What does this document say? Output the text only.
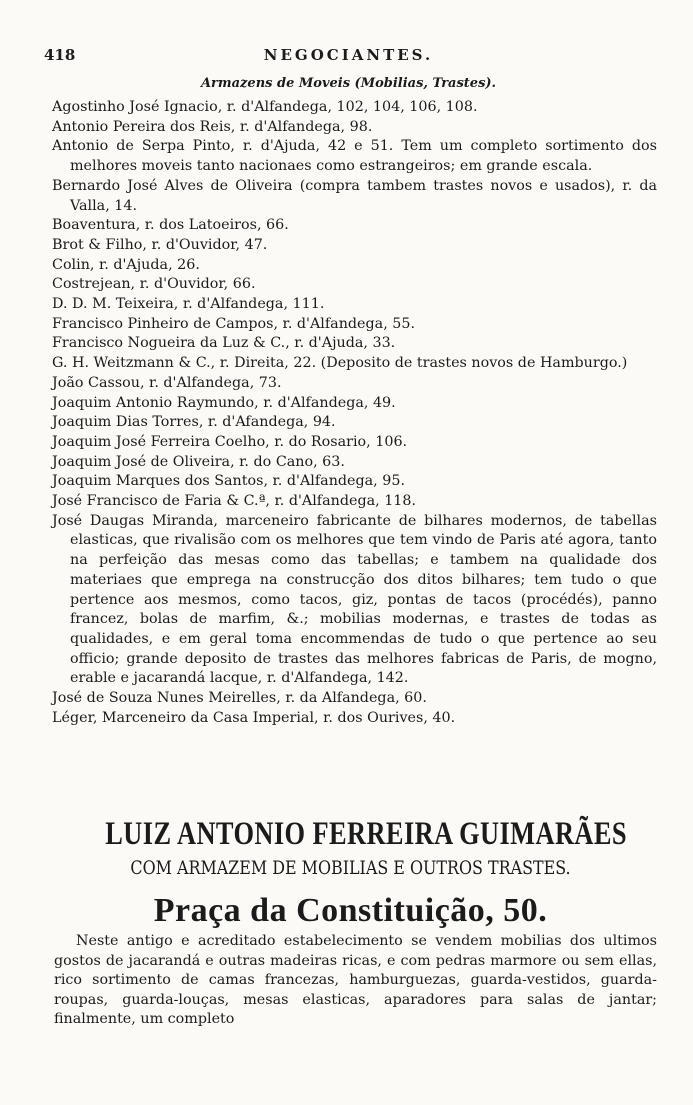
418	NEGOCIANTES.
Armazens de Moveis (Mobilias, Trastes).

Agostinho José Ignacio, r. d'Alfandega, 102, 104, 106, 108.

Antonio Pereira dos Reis, r. d'Alfandega, 98.

Antonio de Serpa Pinto, r. d'Ajuda, 42 e 51. Tem um completo sortimento dos melhores moveis tanto nacionaes como estrangeiros; em grande escala.

Bernardo José Alves de Oliveira (compra tambem trastes novos e usados), r. da Valla, 14.

Boaventura, r. dos Latoeiros, 66.

Brot & Filho, r. d'Ouvidor, 47.

Colin, r. d'Ajuda, 26.

Costrejean, r. d'Ouvidor, 66.

D. D. M. Teixeira, r. d'Alfandega, 111.

Francisco Pinheiro de Campos, r. d'Alfandega, 55.

Francisco Nogueira da Luz & C., r. d'Ajuda, 33.

G. H. Weitzmann & C., r. Direita, 22. (Deposito de trastes novos de Hamburgo.)

João Cassou, r. d'Alfandega, 73.

Joaquim Antonio Raymundo, r. d'Alfandega, 49.

Joaquim Dias Torres, r. d'Afandega, 94.

Joaquim José Ferreira Coelho, r. do Rosario, 106.

Joaquim José de Oliveira, r. do Cano, 63.

Joaquim Marques dos Santos, r. d'Alfandega, 95.

José Francisco de Faria & C.ª, r. d'Alfandega, 118.

José Daugas Miranda, marceneiro fabricante de bilhares modernos, de tabellas elasticas, que rivalisão com os melhores que tem vindo de Paris até agora, tanto na perfeição das mesas como das tabellas; e tambem na qualidade dos materiaes que emprega na construcção dos ditos bilhares; tem tudo o que pertence aos mesmos, como tacos, giz, pontas de tacos (procédés), panno francez, bolas de marfim, &.; mobilias modernas, e trastes de todas as qualidades, e em geral toma encommendas de tudo o que pertence ao seu officio; grande deposito de trastes das melhores fabricas de Paris, de mogno, erable e jacarandá lacque, r. d'Alfandega, 142.

José de Souza Nunes Meirelles, r. da Alfandega, 60.

Léger, Marceneiro da Casa Imperial, r. dos Ourives, 40.

LUIZ ANTONIO FERREIRA GUIMARÃES
COM ARMAZEM DE MOBILIAS E OUTROS TRASTES.
Praça da Constituição, 50.

Neste antigo e acreditado estabelecimento se vendem mobilias dos ultimos gostos de jacarandá e outras madeiras ricas, e com pedras marmore ou sem ellas, rico sortimento de camas francezas, hamburguezas, guarda-vestidos, guarda-roupas, guarda-louças, mesas elasticas, aparadores para salas de jantar; finalmente, um completo
